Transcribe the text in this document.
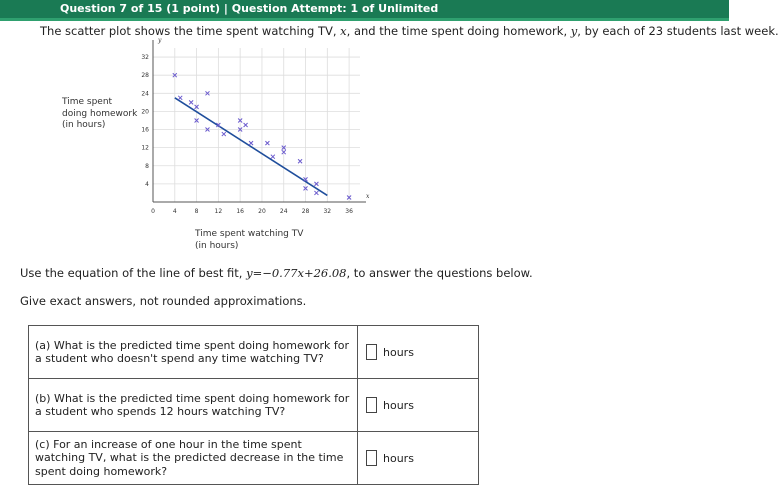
Question 7 of 15 (1 point) | Question Attempt: 1 of Unlimited
The scatter plot shows the time spent watching TV, x, and the time spent doing homework, y, by each of 23 students last week.
x
y
0	4	8	12 16 20 24 28 32 36
4
8
12
16
20
24
28
32
Time spent doing homework (in hours)
Time spent watching TV (in hours)
Use the equation of the line of best fit, y=−0.77x+26.08, to answer the questions below.
Give exact answers, not rounded approximations.
(a) What is the predicted time spent doing homework for a student who doesn't spend any time watching TV?	hours

(b) What is the predicted time spent doing homework for a student who spends 12 hours watching TV?	hours

(c) For an increase of one hour in the time spent watching TV, what is the predicted decrease in the time spent doing homework?	hours
